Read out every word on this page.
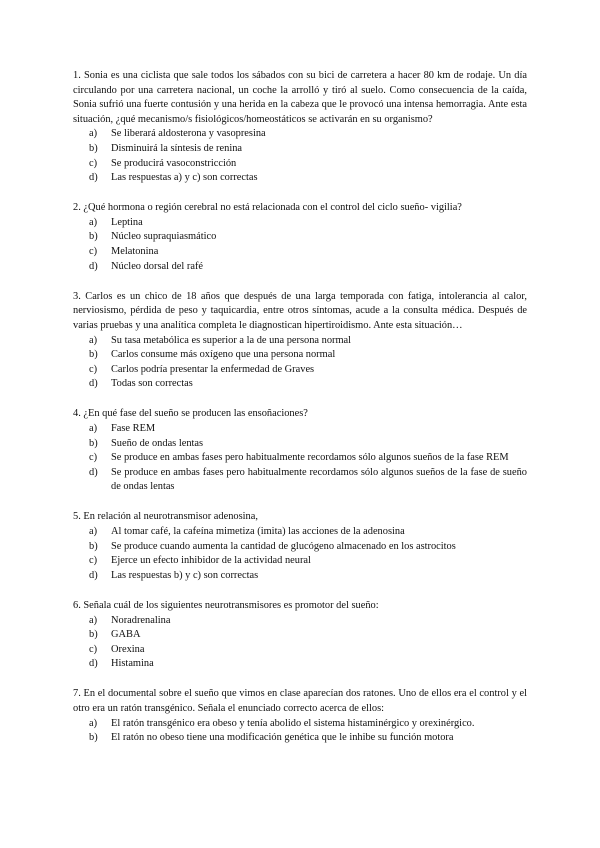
1. Sonia es una ciclista que sale todos los sábados con su bici de carretera a hacer 80 km de rodaje. Un día circulando por una carretera nacional, un coche la arrolló y tiró al suelo. Como consecuencia de la caída, Sonia sufrió una fuerte contusión y una herida en la cabeza que le provocó una intensa hemorragia. Ante esta situación, ¿qué mecanismo/s fisiológicos/homeostáticos se activarán en su organismo?

a)	Se liberará aldosterona y vasopresina
b)	Disminuirá la síntesis de renina
c)	Se producirá vasoconstricción
d)	Las respuestas a) y c) son correctas

2. ¿Qué hormona o región cerebral no está relacionada con el control del ciclo sueño- vigilia?

a)	Leptina
b)	Núcleo supraquiasmático
c)	Melatonina
d)	Núcleo dorsal del rafé

3. Carlos es un chico de 18 años que después de una larga temporada con fatiga, intolerancia al calor, nerviosismo, pérdida de peso y taquicardia, entre otros síntomas, acude a la consulta médica. Después de varias pruebas y una analítica completa le diagnostican hipertiroidismo. Ante esta situación…

a)	Su tasa metabólica es superior a la de una persona normal
b)	Carlos consume más oxígeno que una persona normal
c)	Carlos podría presentar la enfermedad de Graves
d)	Todas son correctas

4. ¿En qué fase del sueño se producen las ensoñaciones?

a)	Fase REM
b)	Sueño de ondas lentas
c)	Se produce en ambas fases pero habitualmente recordamos sólo algunos sueños de la fase REM
d)	Se produce en ambas fases pero habitualmente recordamos sólo algunos sueños de la fase de sueño de ondas lentas

5. En relación al neurotransmisor adenosina,

a)	Al tomar café, la cafeína mimetiza (imita) las acciones de la adenosina
b)	Se produce cuando aumenta la cantidad de glucógeno almacenado en los astrocitos
c)	Ejerce un efecto inhibidor de la actividad neural
d)	Las respuestas b) y c) son correctas

6. Señala cuál de los siguientes neurotransmisores es promotor del sueño:

a)	Noradrenalina
b)	GABA
c)	Orexina
d)	Histamina

7. En el documental sobre el sueño que vimos en clase aparecían dos ratones. Uno de ellos era el control y el otro era un ratón transgénico. Señala el enunciado correcto acerca de ellos:

a)	El ratón transgénico era obeso y tenía abolido el sistema histaminérgico y orexinérgico.
b)	El ratón no obeso tiene una modificación genética que le inhibe su función motora
